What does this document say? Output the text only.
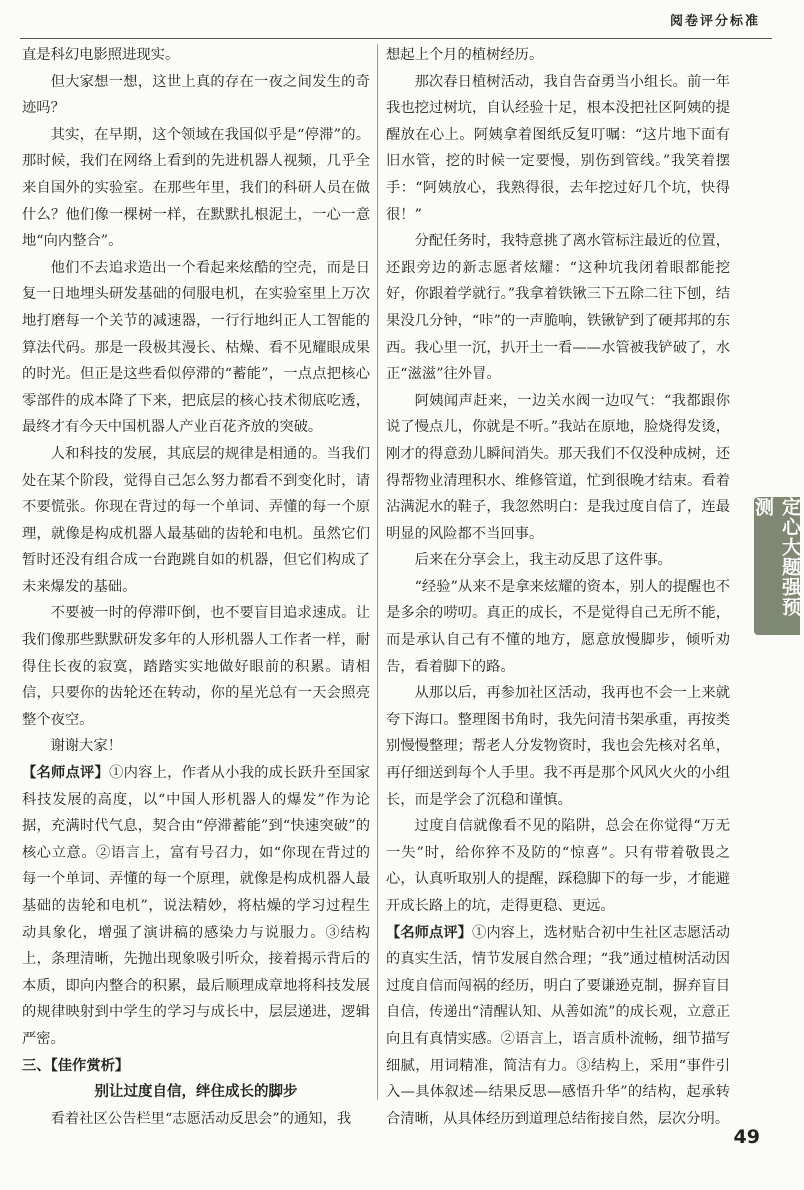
阅卷评分标准

直是科幻电影照进现实。

但大家想一想，这世上真的存在一夜之间发生的奇迹吗？

其实，在早期，这个领域在我国似乎是“停滞”的。那时候，我们在网络上看到的先进机器人视频，几乎全来自国外的实验室。在那些年里，我们的科研人员在做什么？他们像一棵树一样，在默默扎根泥土，一心一意地“向内整合”。

他们不去追求造出一个看起来炫酷的空壳，而是日复一日地埋头研发基础的伺服电机，在实验室里上万次地打磨每一个关节的减速器，一行行地纠正人工智能的算法代码。那是一段极其漫长、枯燥、看不见耀眼成果的时光。但正是这些看似停滞的“蓄能”，一点点把核心零部件的成本降了下来，把底层的核心技术彻底吃透，最终才有今天中国机器人产业百花齐放的突破。

人和科技的发展，其底层的规律是相通的。当我们处在某个阶段，觉得自己怎么努力都看不到变化时，请不要慌张。你现在背过的每一个单词、弄懂的每一个原理，就像是构成机器人最基础的齿轮和电机。虽然它们暂时还没有组合成一台跑跳自如的机器，但它们构成了未来爆发的基础。

不要被一时的停滞吓倒，也不要盲目追求速成。让我们像那些默默研发多年的人形机器人工作者一样，耐得住长夜的寂寞，踏踏实实地做好眼前的积累。请相信，只要你的齿轮还在转动，你的星光总有一天会照亮整个夜空。

谢谢大家！

【名师点评】①内容上，作者从小我的成长跃升至国家科技发展的高度，以“中国人形机器人的爆发”作为论据，充满时代气息，契合由“停滞蓄能”到“快速突破”的核心立意。②语言上，富有号召力，如“你现在背过的每一个单词、弄懂的每一个原理，就像是构成机器人最基础的齿轮和电机”，说法精妙，将枯燥的学习过程生动具象化，增强了演讲稿的感染力与说服力。③结构上，条理清晰，先抛出现象吸引听众，接着揭示背后的本质，即向内整合的积累，最后顺理成章地将科技发展的规律映射到中学生的学习与成长中，层层递进，逻辑严密。

三、【佳作赏析】

别让过度自信，绊住成长的脚步

看着社区公告栏里“志愿活动反思会”的通知，我

想起上个月的植树经历。

那次春日植树活动，我自告奋勇当小组长。前一年我也挖过树坑，自认经验十足，根本没把社区阿姨的提醒放在心上。阿姨拿着图纸反复叮嘱：“这片地下面有旧水管，挖的时候一定要慢，别伤到管线。”我笑着摆手：“阿姨放心，我熟得很，去年挖过好几个坑，快得很！”

分配任务时，我特意挑了离水管标注最近的位置，还跟旁边的新志愿者炫耀：“这种坑我闭着眼都能挖好，你跟着学就行。”我拿着铁锹三下五除二往下刨，结果没几分钟，“咔”的一声脆响，铁锹铲到了硬邦邦的东西。我心里一沉，扒开土一看——水管被我铲破了，水正“滋滋”往外冒。

阿姨闻声赶来，一边关水阀一边叹气：“我都跟你说了慢点儿，你就是不听。”我站在原地，脸烧得发烫，刚才的得意劲儿瞬间消失。那天我们不仅没种成树，还得帮物业清理积水、维修管道，忙到很晚才结束。看着沾满泥水的鞋子，我忽然明白：是我过度自信了，连最明显的风险都不当回事。

后来在分享会上，我主动反思了这件事。

“经验”从来不是拿来炫耀的资本，别人的提醒也不是多余的唠叨。真正的成长，不是觉得自己无所不能，而是承认自己有不懂的地方，愿意放慢脚步，倾听劝告，看着脚下的路。

从那以后，再参加社区活动，我再也不会一上来就夸下海口。整理图书角时，我先问清书架承重，再按类别慢慢整理；帮老人分发物资时，我也会先核对名单，再仔细送到每个人手里。我不再是那个风风火火的小组长，而是学会了沉稳和谨慎。

过度自信就像看不见的陷阱，总会在你觉得“万无一失”时，给你猝不及防的“惊喜”。只有带着敬畏之心，认真听取别人的提醒，踩稳脚下的每一步，才能避开成长路上的坑，走得更稳、更远。

【名师点评】①内容上，选材贴合初中生社区志愿活动的真实生活，情节发展自然合理；“我”通过植树活动因过度自信而闯祸的经历，明白了要谦逊克制，摒弃盲目自信，传递出“清醒认知、从善如流”的成长观，立意正向且有真情实感。②语言上，语言质朴流畅，细节描写细腻，用词精准，简洁有力。③结构上，采用“事件引入—具体叙述—结果反思—感悟升华”的结构，起承转合清晰，从具体经历到道理总结衔接自然，层次分明。

定心大题强预测
49
